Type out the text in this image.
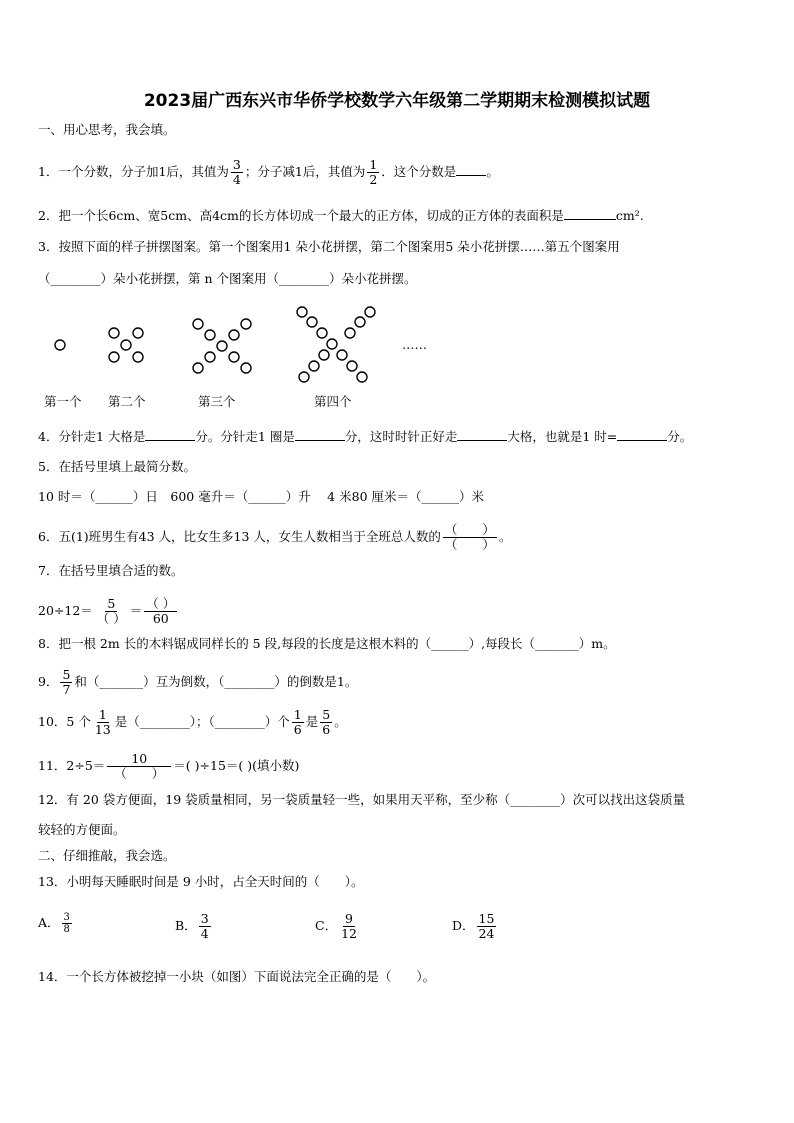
2023届广西东兴市华侨学校数学六年级第二学期期末检测模拟试题
一、用心思考，我会填。
1．一个分数，分子加1后，其值为 $\frac{3}{4}$ ；分子减1后，其值为 $\frac{1}{2}$ ．这个分数是 。
2．把一个长6cm、宽5cm、高4cm的长方体切成一个最大的正方体，切成的正方体的表面积是	cm².
3．按照下面的样子拼摆图案。第一个图案用1 朵小花拼摆，第二个图案用5 朵小花拼摆……第五个图案用
（________）朵小花拼摆，第 n 个图案用（________）朵小花拼摆。
……
第一个 第二个	第三个	第四个
4．分针走1 大格是	分。分针走1 圈是	分，这时时针正好走	大格，也就是1 时=	分。
5．在括号里填上最简分数。
10 时＝（______）日　600 毫升＝（______）升　 4 米80 厘米＝（______）米
6．五(1)班男生有43 人，比女生多13 人，女生人数相当于全班总人数的 $\frac{( )}{( )}$ 。
7．在括号里填合适的数。
$20\div 12= \frac{5}{( )} = \frac{( )}{60}$
8．把一根 2m 长的木料锯成同样长的 5 段,每段的长度是这根木料的（______）,每段长（_______）m。
9． $\frac{5}{7}$ 和（_______）互为倒数，（________）的倒数是1。
10．5 个 $\frac{1}{13}$ 是（________）；（________）个 $\frac{1}{6}$ 是 $\frac{5}{6}$ 。
11．$2\div 5= \frac{10}{( )}$ ＝( )÷15＝( )(填小数)
12．有 20 袋方便面，19 袋质量相同，另一袋质量轻一些，如果用天平称，至少称（________）次可以找出这袋质量
较轻的方便面。
二、仔细推敲，我会选。
13．小明每天睡眠时间是 9 小时，占全天时间的（　　）。
A． $\frac{3}{8}$	B． $\frac{3}{4}$	C． $\frac{9}{12}$	D． $\frac{15}{24}$
14．一个长方体被挖掉一小块（如图）下面说法完全正确的是（　　）。
